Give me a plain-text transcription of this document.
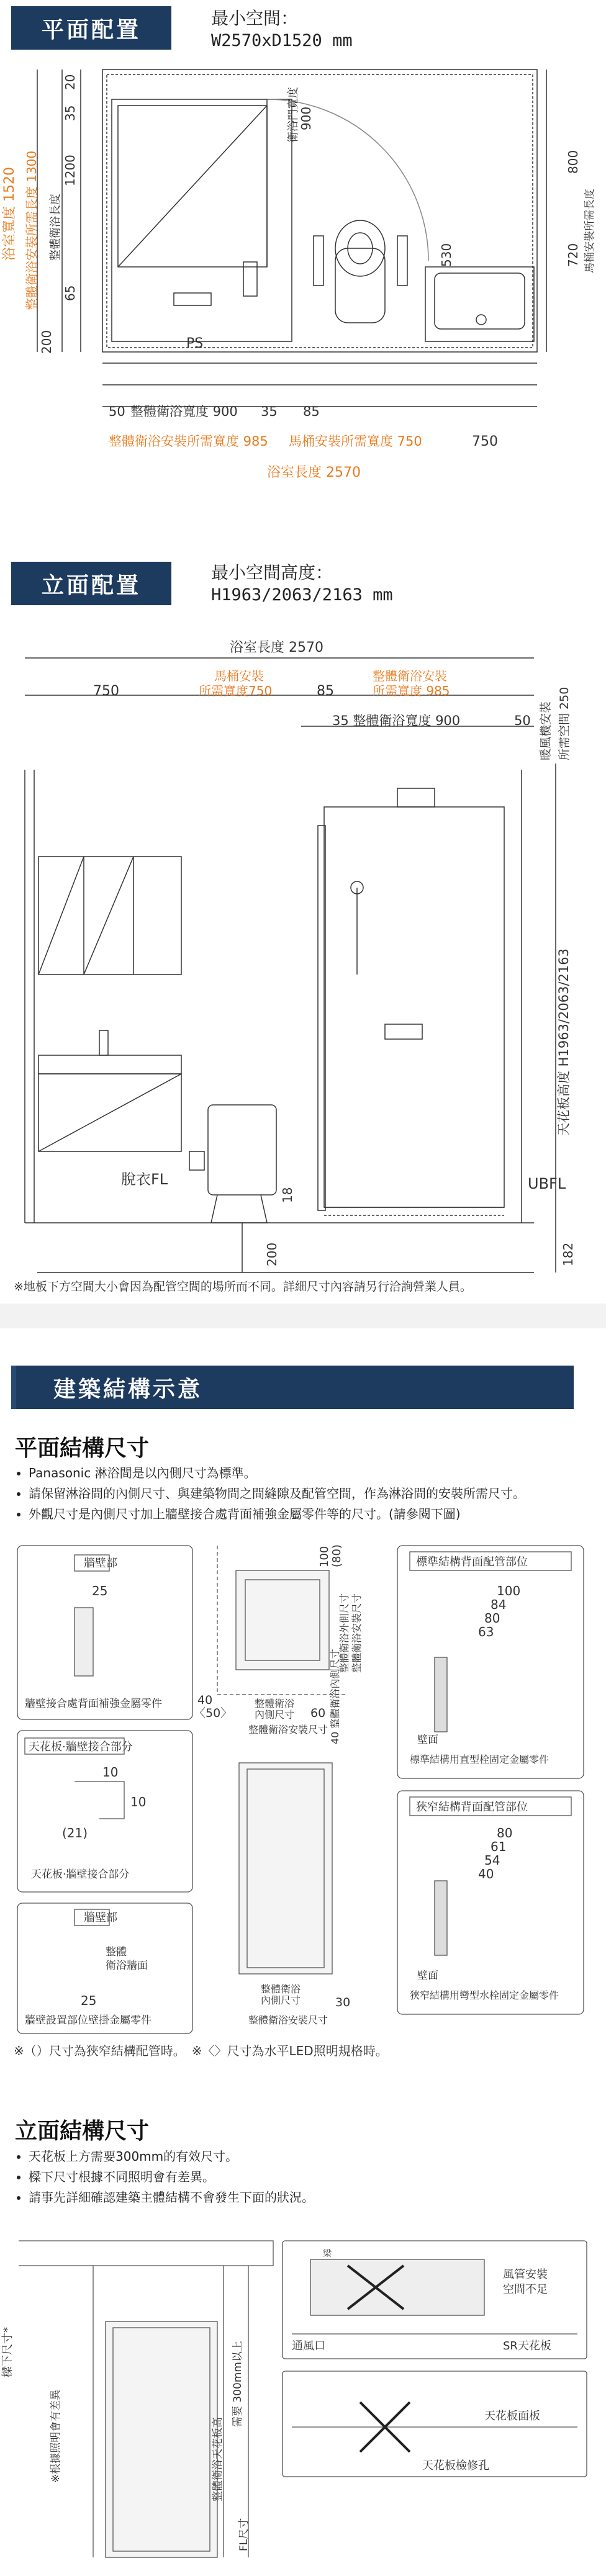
平面配置	最小空間：
W2570xD1520 mm
浴室寬度 1520 整體衛浴安裝所需長度 1300 整體衛浴長度
20
35
1200
65
200
衛浴門寬度
900
800
720 馬桶安裝所需長度
530
PS
50 整體衛浴寬度 900 35 85
整體衛浴安裝所需寬度 985 馬桶安裝所需寬度 750	750
浴室長度 2570
立面配置	最小空間高度：
H1963/2063/2163 mm
浴室長度 2570
750
馬桶安裝
所需寬度750	85
整體衛浴安裝
所需寬度 985
35 整體衛浴寬度 900	50 暖風機安裝 所需空間 250
天花板高度 H1963/2063/2163
脫衣FL
18
200
UBFL
182
※地板下方空間大小會因為配管空間的場所而不同。詳細尺寸內容請另行洽詢營業人員。
建築結構示意
平面結構尺寸
• Panasonic 淋浴間是以內側尺寸為標準。
• 請保留淋浴間的內側尺寸、與建築物間之間縫隙及配管空間，作為淋浴間的安裝所需尺寸。
• 外觀尺寸是內側尺寸加上牆壁接合處背面補強金屬零件等的尺寸。(請參閱下圖)
牆壁部
25
牆壁接合處背面補強金屬零件
天花板·牆壁接合部分
10
10
(21)
天花板·牆壁接合部分
牆壁部
整體
衛浴牆面
25
牆壁設置部位壁掛金屬零件
100 (80)
整體衛浴外側尺寸 整體衛浴安裝尺寸
40 整體衛浴內側尺寸
40
〈50〉	60
整體衛浴
內側尺寸
整體衛浴安裝尺寸
整體衛浴
內側尺寸	30
整體衛浴安裝尺寸
標準結構背面配管部位
100
84
80
63
壁面
標準結構用直型栓固定金屬零件
狹窄結構背面配管部位
80
61
54
40
壁面
狹窄結構用彎型水栓固定金屬零件
※（）尺寸為狹窄結構配管時。　※〈〉尺寸為水平LED照明規格時。
立面結構尺寸
• 天花板上方需要300mm的有效尺寸。
• 樑下尺寸根據不同照明會有差異。
• 請事先詳細確認建築主體結構不會發生下面的狀況。
樑下尺寸*
※根據照明會有差異
需要 300mm以上
整體衛浴天花板高
FL尺寸
梁
風管安裝
空間不足
通風口	SR天花板
天花板面板
天花板檢修孔
